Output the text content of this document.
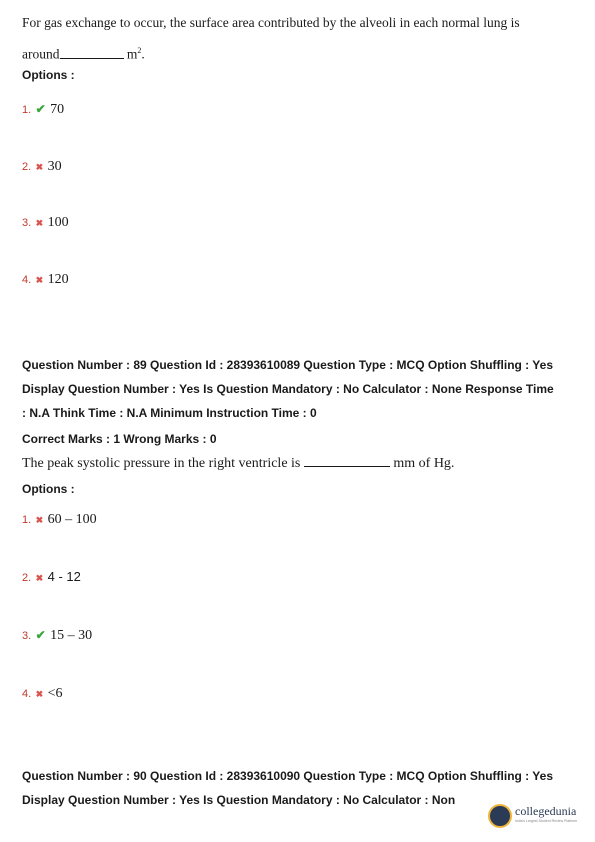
For gas exchange to occur, the surface area contributed by the alveoli in each normal lung is
around	$m^2$.
Options :
1. ✔ 70
2. ✖ 30
3. ✖ 100
4. ✖ 120
Question Number : 89 Question Id : 28393610089 Question Type : MCQ Option Shuffling : Yes
Display Question Number : Yes Is Question Mandatory : No Calculator : None Response Time
: N.A Think Time : N.A Minimum Instruction Time : 0
Correct Marks : 1 Wrong Marks : 0
The peak systolic pressure in the right ventricle is	mm of Hg.
Options :
1. ✖ 60 – 100
2. ✖ 4 - 12
3. ✔ 15 – 30
4. ✖ <6
Question Number : 90 Question Id : 28393610090 Question Type : MCQ Option Shuffling : Yes
Display Question Number : Yes Is Question Mandatory : No Calculator : Non
collegedunia
India's Largest Student Review Platform
